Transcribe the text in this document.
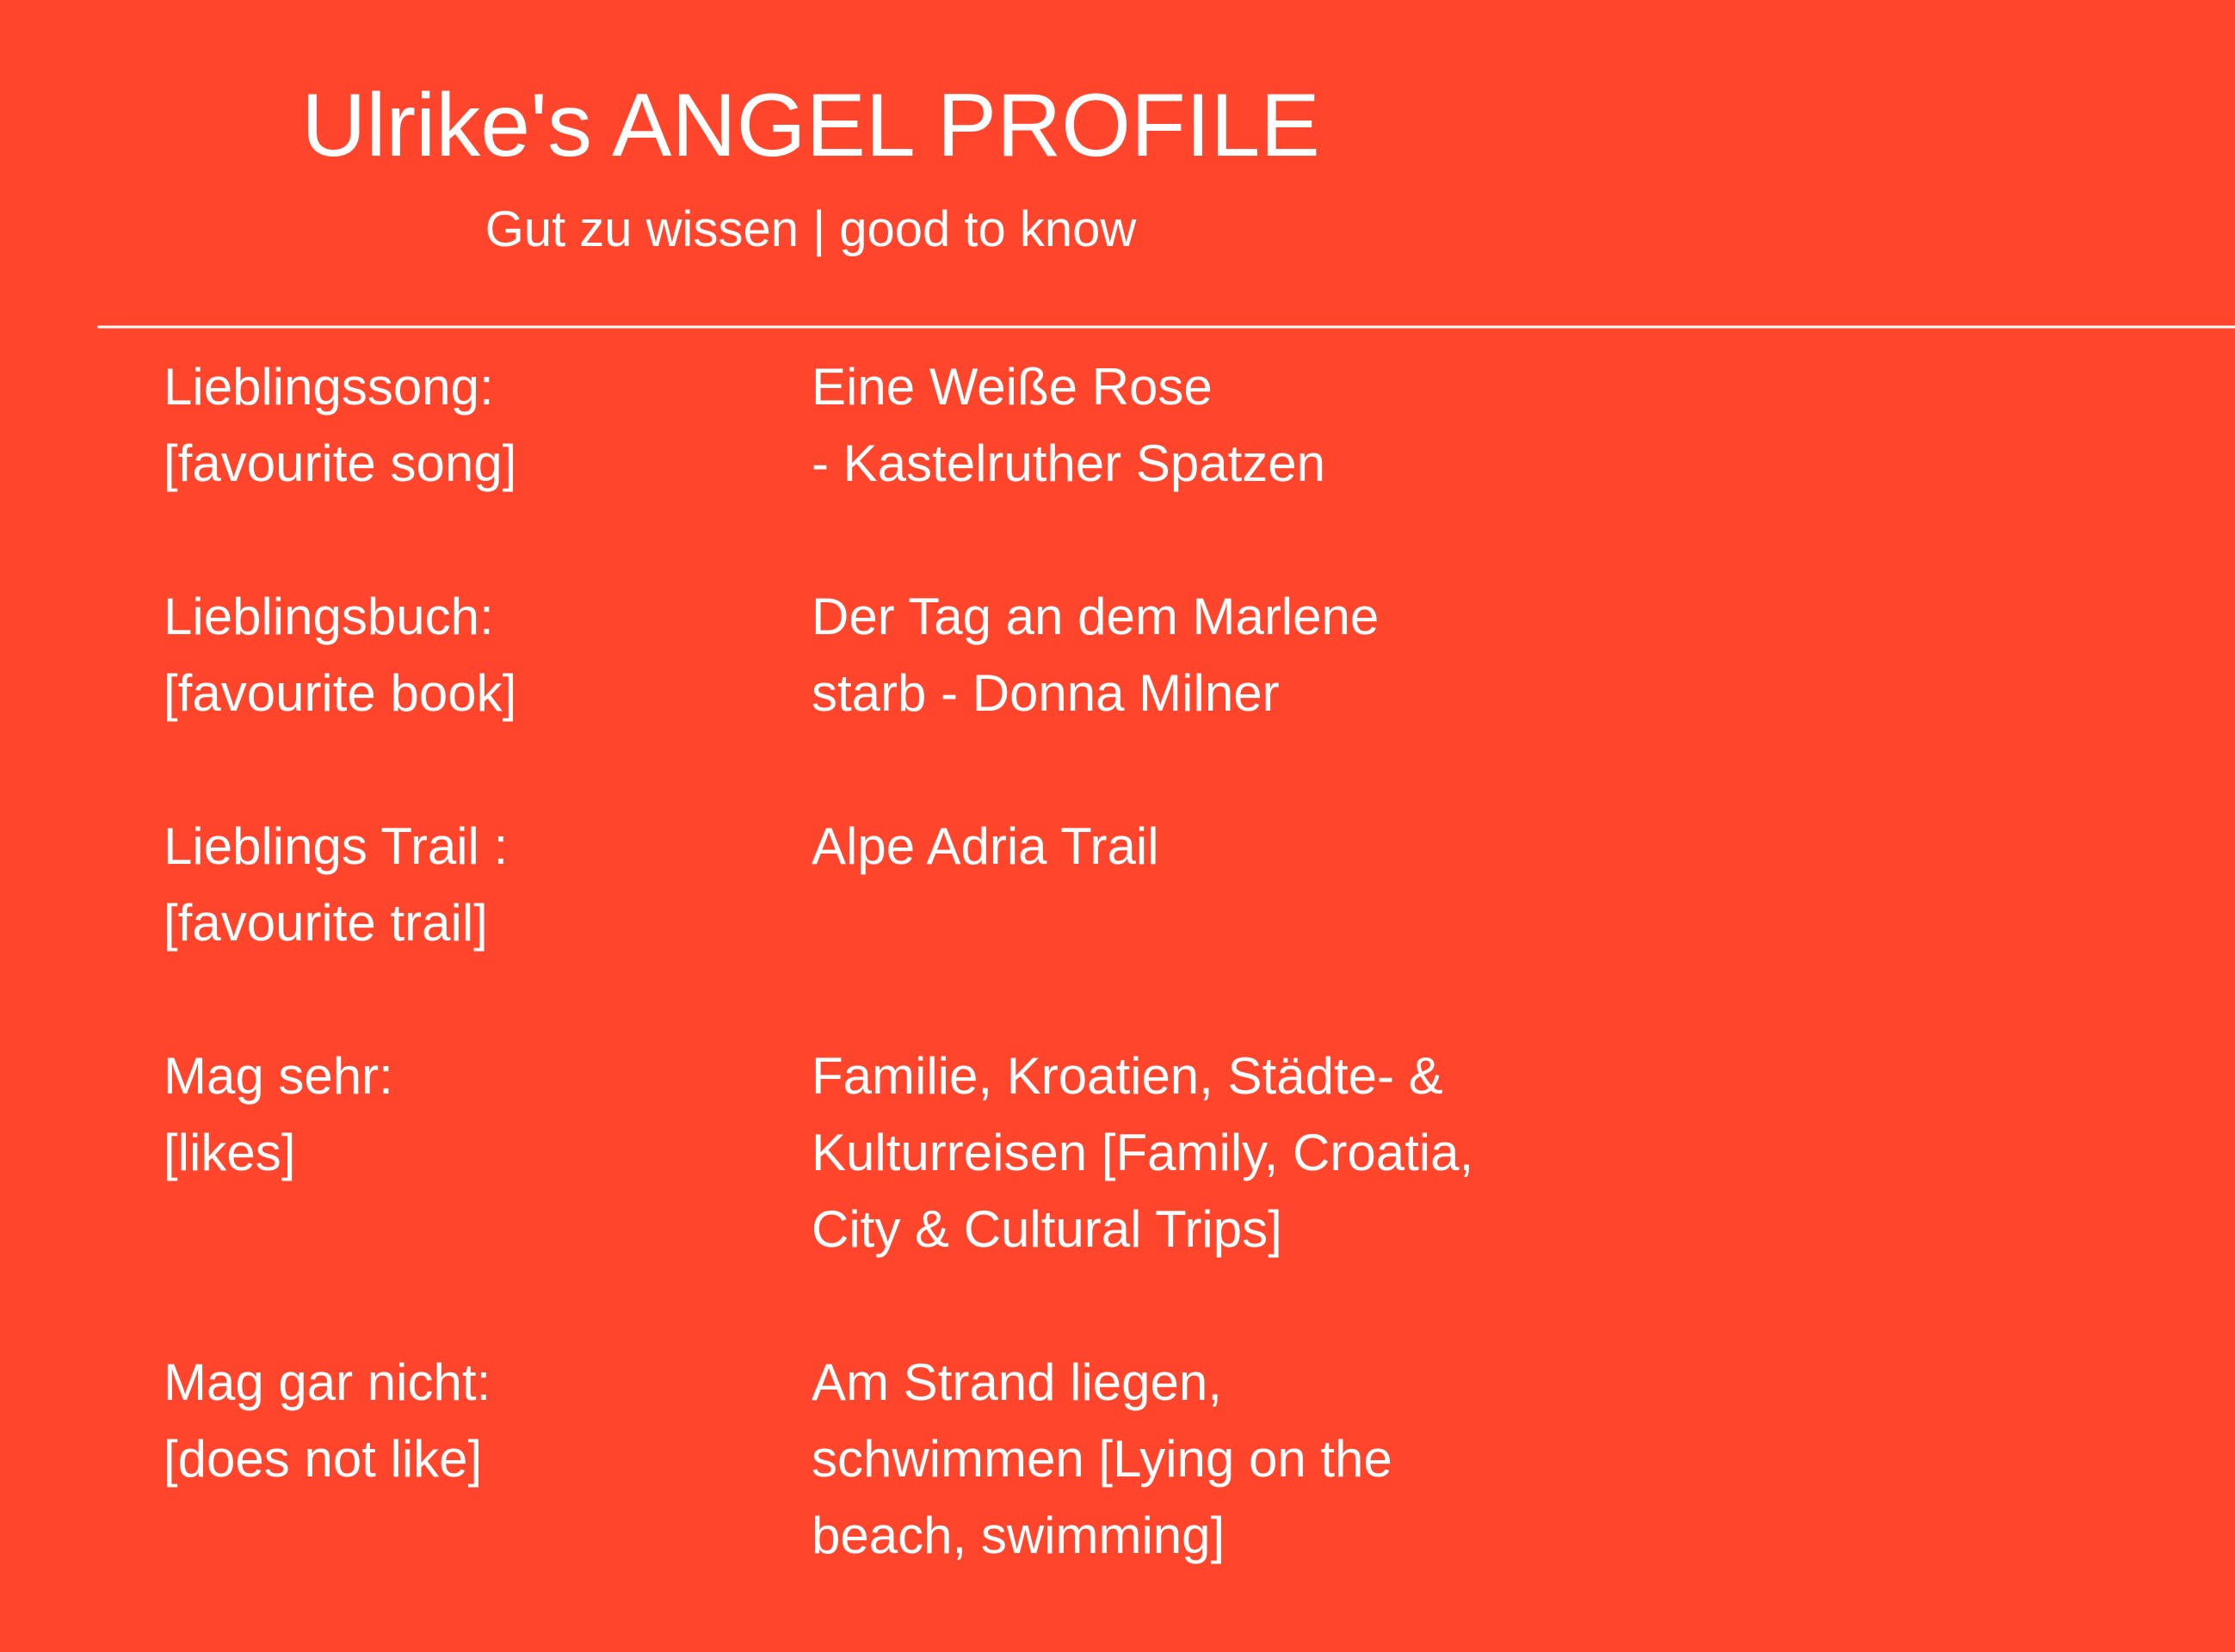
Ulrike's ANGEL PROFILE
Gut zu wissen | good to know
_____________________________________________________________________________________________
Lieblingssong:
[favourite song]
Eine Weiße Rose
- Kastelruther Spatzen
Lieblingsbuch:
[favourite book]
Der Tag an dem Marlene
starb - Donna Milner
Lieblings Trail :
[favourite trail]
Alpe Adria Trail
Mag sehr:
[likes]
Familie, Kroatien, Städte- &
Kulturreisen [Family, Croatia,
City & Cultural Trips]
Mag gar nicht:
[does not like]
Am Strand liegen,
schwimmen [Lying on the
beach, swimming]
